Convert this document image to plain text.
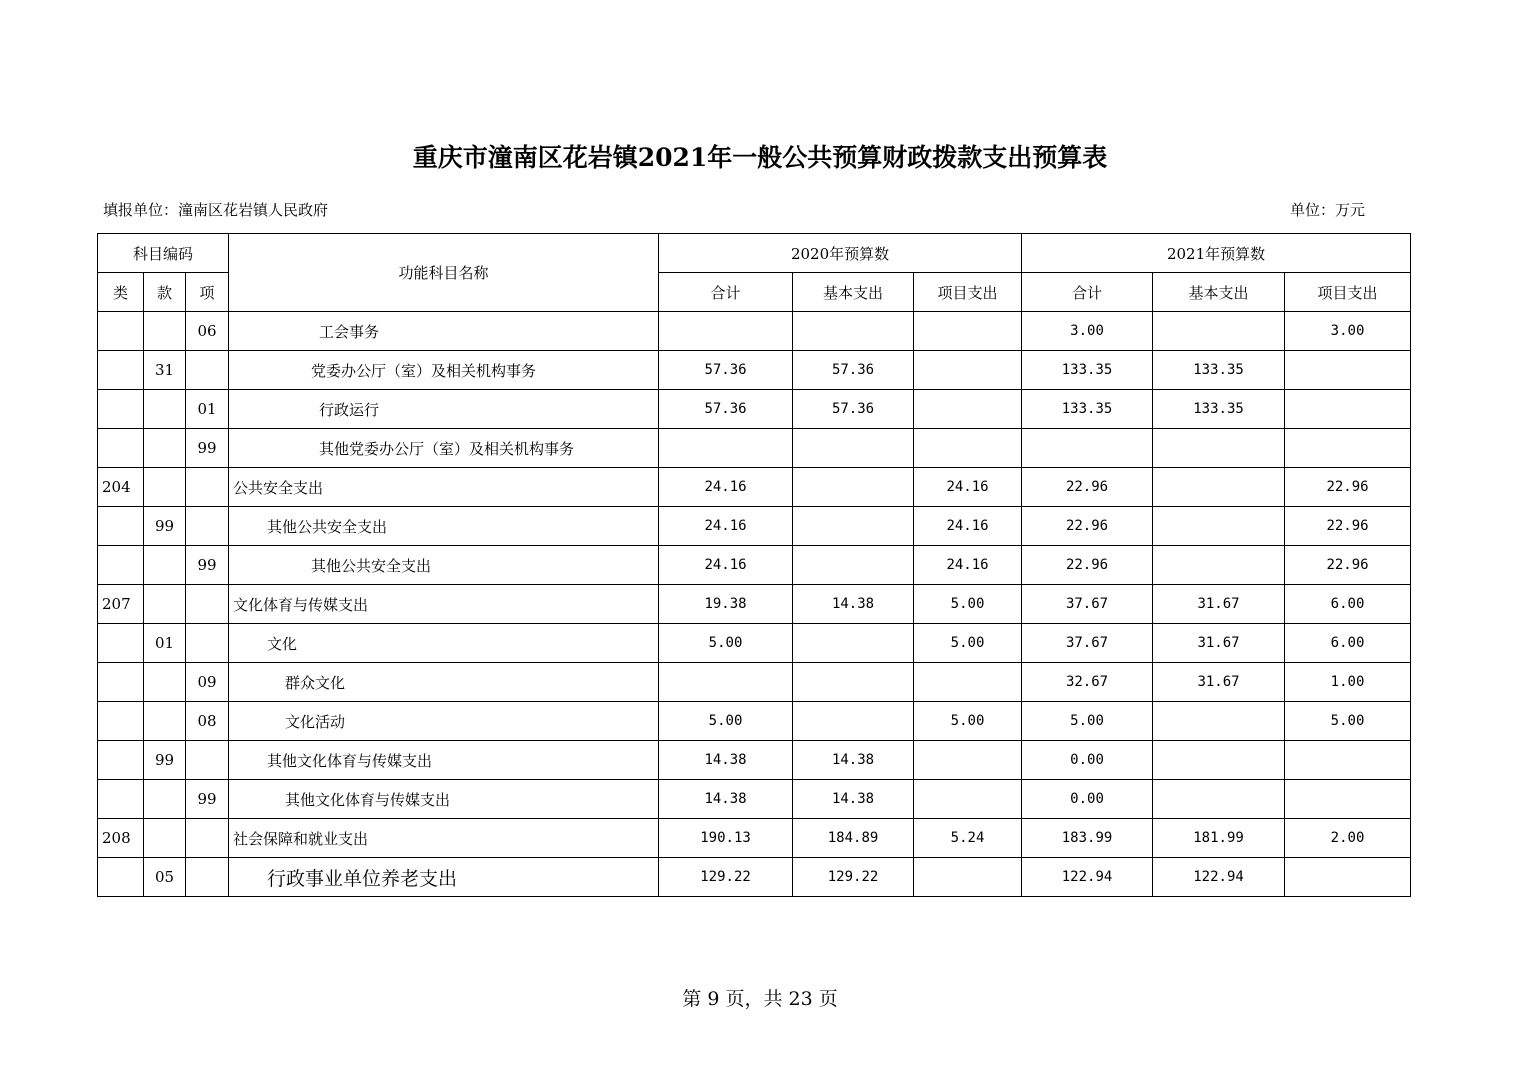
重庆市潼南区花岩镇2021年一般公共预算财政拨款支出预算表
填报单位：潼南区花岩镇人民政府	单位：万元
科目编码			功能科目名称	2020年预算数			2021年预算数		
类	款	项		合计	基本支出	项目支出	合计	基本支出	项目支出
		06	工会事务				3.00		3.00
	31		党委办公厅（室）及相关机构事务	57.36	57.36		133.35	133.35	
		01	行政运行	57.36	57.36		133.35	133.35	
		99	其他党委办公厅（室）及相关机构事务						
204			公共安全支出	24.16		24.16	22.96		22.96
	99		其他公共安全支出	24.16		24.16	22.96		22.96
		99	其他公共安全支出	24.16		24.16	22.96		22.96
207			文化体育与传媒支出	19.38	14.38	5.00	37.67	31.67	6.00
	01		文化	5.00		5.00	37.67	31.67	6.00
		09	群众文化				32.67	31.67	1.00
		08	文化活动	5.00		5.00	5.00		5.00
	99		其他文化体育与传媒支出	14.38	14.38		0.00		
		99	其他文化体育与传媒支出	14.38	14.38		0.00		
208			社会保障和就业支出	190.13	184.89	5.24	183.99	181.99	2.00
	05		行政事业单位养老支出	129.22	129.22		122.94	122.94	
第 9 页，共 23 页
